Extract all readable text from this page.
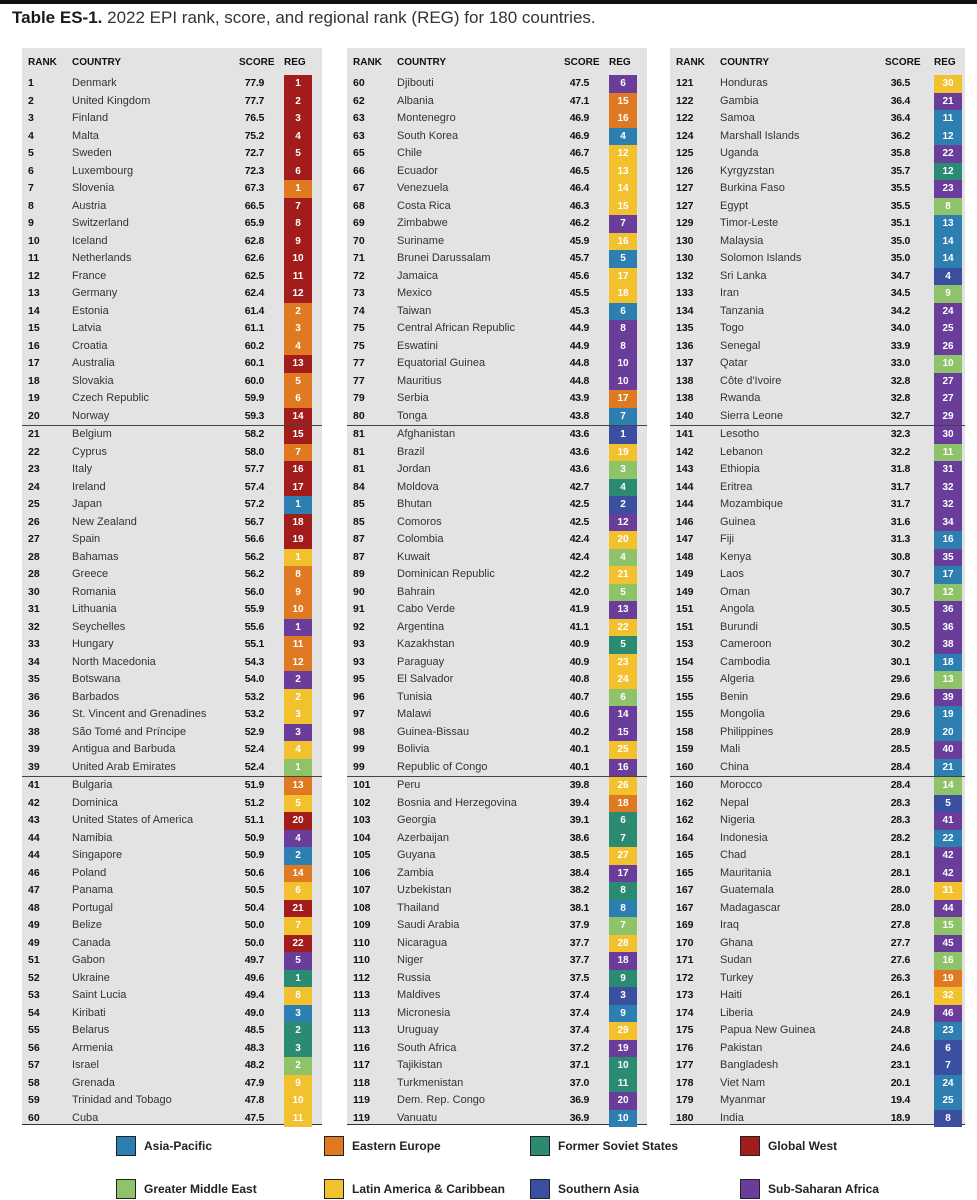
Table ES-1. 2022 EPI rank, score, and regional rank (REG) for 180 countries.
RANK COUNTRY	SCORE REG
1	Denmark	77.9	1
2	United Kingdom	77.7	2
3	Finland	76.5	3
4	Malta	75.2	4
5	Sweden	72.7	5
6	Luxembourg	72.3	6
7	Slovenia	67.3	1
8	Austria	66.5	7
9	Switzerland	65.9	8
10	Iceland	62.8	9
11	Netherlands	62.6	10
12	France	62.5	11
13	Germany	62.4	12
14	Estonia	61.4	2
15	Latvia	61.1	3
16	Croatia	60.2	4
17	Australia	60.1	13
18	Slovakia	60.0	5
19	Czech Republic	59.9	6
20	Norway	59.3	14
21	Belgium	58.2	15
22	Cyprus	58.0	7
23	Italy	57.7	16
24	Ireland	57.4	17
25	Japan	57.2	1
26	New Zealand	56.7	18
27	Spain	56.6	19
28	Bahamas	56.2	1
28	Greece	56.2	8
30	Romania	56.0	9
31	Lithuania	55.9	10
32	Seychelles	55.6	1
33	Hungary	55.1	11
34	North Macedonia	54.3	12
35	Botswana	54.0	2
36	Barbados	53.2	2
36	St. Vincent and Grenadines	53.2	3
38	São Tomé and Príncipe	52.9	3
39	Antigua and Barbuda	52.4	4
39	United Arab Emirates	52.4	1
41	Bulgaria	51.9	13
42	Dominica	51.2	5
43	United States of America	51.1	20
44	Namibia	50.9	4
44	Singapore	50.9	2
46	Poland	50.6	14
47	Panama	50.5	6
48	Portugal	50.4	21
49	Belize	50.0	7
49	Canada	50.0	22
51	Gabon	49.7	5
52	Ukraine	49.6	1
53	Saint Lucia	49.4	8
54	Kiribati	49.0	3
55	Belarus	48.5	2
56	Armenia	48.3	3
57	Israel	48.2	2
58	Grenada	47.9	9
59	Trinidad and Tobago	47.8	10
60	Cuba	47.5	11
RANK COUNTRY	SCORE REG
60	Djibouti	47.5	6
62	Albania	47.1	15
63	Montenegro	46.9	16
63	South Korea	46.9	4
65	Chile	46.7	12
66	Ecuador	46.5	13
67	Venezuela	46.4	14
68	Costa Rica	46.3	15
69	Zimbabwe	46.2	7
70	Suriname	45.9	16
71	Brunei Darussalam	45.7	5
72	Jamaica	45.6	17
73	Mexico	45.5	18
74	Taiwan	45.3	6
75	Central African Republic	44.9	8
75	Eswatini	44.9	8
77	Equatorial Guinea	44.8	10
77	Mauritius	44.8	10
79	Serbia	43.9	17
80	Tonga	43.8	7
81	Afghanistan	43.6	1
81	Brazil	43.6	19
81	Jordan	43.6	3
84	Moldova	42.7	4
85	Bhutan	42.5	2
85	Comoros	42.5	12
87	Colombia	42.4	20
87	Kuwait	42.4	4
89	Dominican Republic	42.2	21
90	Bahrain	42.0	5
91	Cabo Verde	41.9	13
92	Argentina	41.1	22
93	Kazakhstan	40.9	5
93	Paraguay	40.9	23
95	El Salvador	40.8	24
96	Tunisia	40.7	6
97	Malawi	40.6	14
98	Guinea-Bissau	40.2	15
99	Bolivia	40.1	25
99	Republic of Congo	40.1	16
101 Peru	39.8	26
102 Bosnia and Herzegovina	39.4	18
103 Georgia	39.1	6
104 Azerbaijan	38.6	7
105 Guyana	38.5	27
106 Zambia	38.4	17
107 Uzbekistan	38.2	8
108 Thailand	38.1	8
109 Saudi Arabia	37.9	7
110 Nicaragua	37.7	28
110 Niger	37.7	18
112 Russia	37.5	9
113 Maldives	37.4	3
113 Micronesia	37.4	9
113 Uruguay	37.4	29
116 South Africa	37.2	19
117 Tajikistan	37.1	10
118 Turkmenistan	37.0	11
119 Dem. Rep. Congo	36.9	20
119 Vanuatu	36.9	10
RANK COUNTRY	SCORE REG
121 Honduras	36.5	30
122 Gambia	36.4	21
122 Samoa	36.4	11
124 Marshall Islands	36.2	12
125 Uganda	35.8	22
126 Kyrgyzstan	35.7	12
127 Burkina Faso	35.5	23
127 Egypt	35.5	8
129 Timor-Leste	35.1	13
130 Malaysia	35.0	14
130 Solomon Islands	35.0	14
132 Sri Lanka	34.7	4
133 Iran	34.5	9
134 Tanzania	34.2	24
135 Togo	34.0	25
136 Senegal	33.9	26
137 Qatar	33.0	10
138 Côte d'Ivoire	32.8	27
138 Rwanda	32.8	27
140 Sierra Leone	32.7	29
141 Lesotho	32.3	30
142 Lebanon	32.2	11
143 Ethiopia	31.8	31
144 Eritrea	31.7	32
144 Mozambique	31.7	32
146 Guinea	31.6	34
147 Fiji	31.3	16
148 Kenya	30.8	35
149 Laos	30.7	17
149 Oman	30.7	12
151 Angola	30.5	36
151 Burundi	30.5	36
153 Cameroon	30.2	38
154 Cambodia	30.1	18
155 Algeria	29.6	13
155 Benin	29.6	39
155 Mongolia	29.6	19
158 Philippines	28.9	20
159 Mali	28.5	40
160 China	28.4	21
160 Morocco	28.4	14
162 Nepal	28.3	5
162 Nigeria	28.3	41
164 Indonesia	28.2	22
165 Chad	28.1	42
165 Mauritania	28.1	42
167 Guatemala	28.0	31
167 Madagascar	28.0	44
169 Iraq	27.8	15
170 Ghana	27.7	45
171 Sudan	27.6	16
172 Turkey	26.3	19
173 Haiti	26.1	32
174 Liberia	24.9	46
175 Papua New Guinea	24.8	23
176 Pakistan	24.6	6
177 Bangladesh	23.1	7
178 Viet Nam	20.1	24
179 Myanmar	19.4	25
180 India	18.9	8
Asia-Pacific	Eastern Europe	Former Soviet States	Global West
Greater Middle East	Latin America & Caribbean	Southern Asia	Sub-Saharan Africa
